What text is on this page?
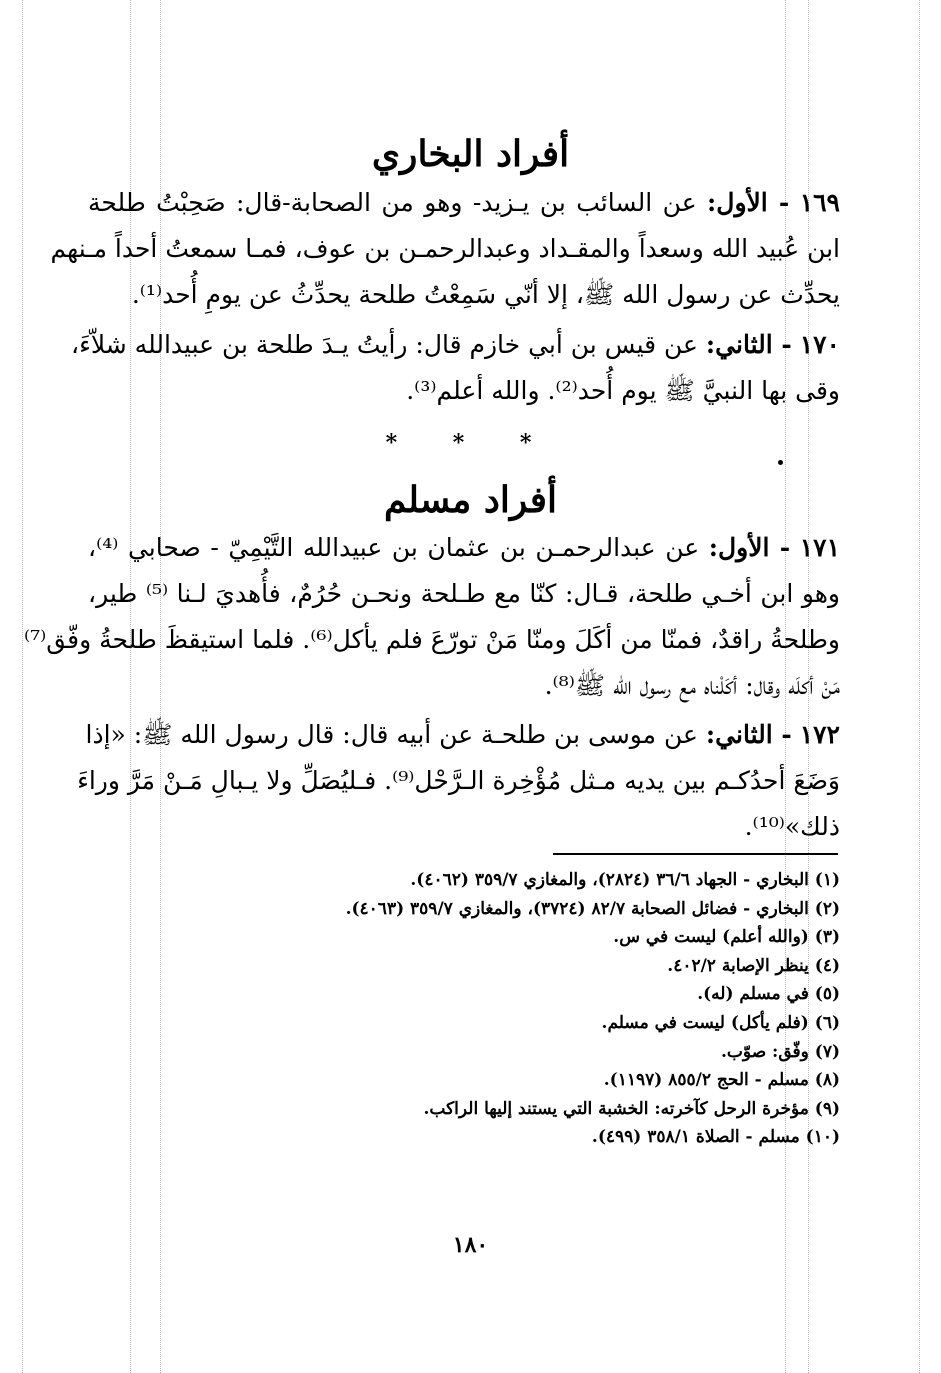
أفراد البخاري
١٦٩ - الأول: عن السائب بن يـزيد- وهو من الصحابة-قال: صَحِبْتُ طلحة
ابن عُبيد الله وسعداً والمقـداد وعبدالرحمـن بن عوف، فمـا سمعتُ أحداً مـنهم
يحدِّث عن رسول الله ﷺ، إلا أنّي سَمِعْتُ طلحة يحدِّثُ عن يومِ أُحد⁽¹⁾.
١٧٠ - الثاني: عن قيس بن أبي خازم قال: رأيتُ يـدَ طلحة بن عبيدالله شلاّءَ،
وقى بها النبيَّ ﷺ يوم أُحد⁽²⁾. والله أعلم⁽³⁾.
* * *
أفراد مسلم
١٧١ - الأول: عن عبدالرحمـن بن عثمان بن عبيدالله التَّيْمِيّ - صحابي ⁽⁴⁾،
وهو ابن أخـي طلحة، قـال: كنّا مع طـلحة ونحـن حُرُمٌ، فأُهديَ لـنا ⁽⁵⁾ طير،
وطلحةُ راقدٌ، فمنّا من أكَلَ ومنّا مَنْ تورّعَ فلم يأكل⁽⁶⁾. فلما استيقظَ طلحةُ وفّق⁽⁷⁾
مَنْ أكلَه وقال: أكَلْناه مع رسول الله ﷺ⁽⁸⁾.
١٧٢ - الثاني: عن موسى بن طلحـة عن أبيه قال: قال رسول الله ﷺ: «إذا
وَضَعَ أحدُكـم بين يديه مـثل مُؤْخِرة الـرَّحْل⁽⁹⁾. فـليُصَلِّ ولا يـبالِ مَـنْ مَرَّ وراءَ
ذلك»⁽¹⁰⁾.
(١) البخاري - الجهاد ٣٦/٦ (٢٨٢٤)، والمغازي ٣٥٩/٧ (٤٠٦٢).
(٢) البخاري - فضائل الصحابة ٨٢/٧ (٣٧٢٤)، والمغازي ٣٥٩/٧ (٤٠٦٣).
(٣) (والله أعلم) ليست في س.
(٤) ينظر الإصابة ٤٠٢/٢.
(٥) في مسلم (له).
(٦) (فلم يأكل) ليست في مسلم.
(٧) وفّق: صوّب.
(٨) مسلم - الحج ٨٥٥/٢ (١١٩٧).
(٩) مؤخرة الرحل كآخرته: الخشبة التي يستند إليها الراكب.
(١٠) مسلم - الصلاة ٣٥٨/١ (٤٩٩).
١٨٠
